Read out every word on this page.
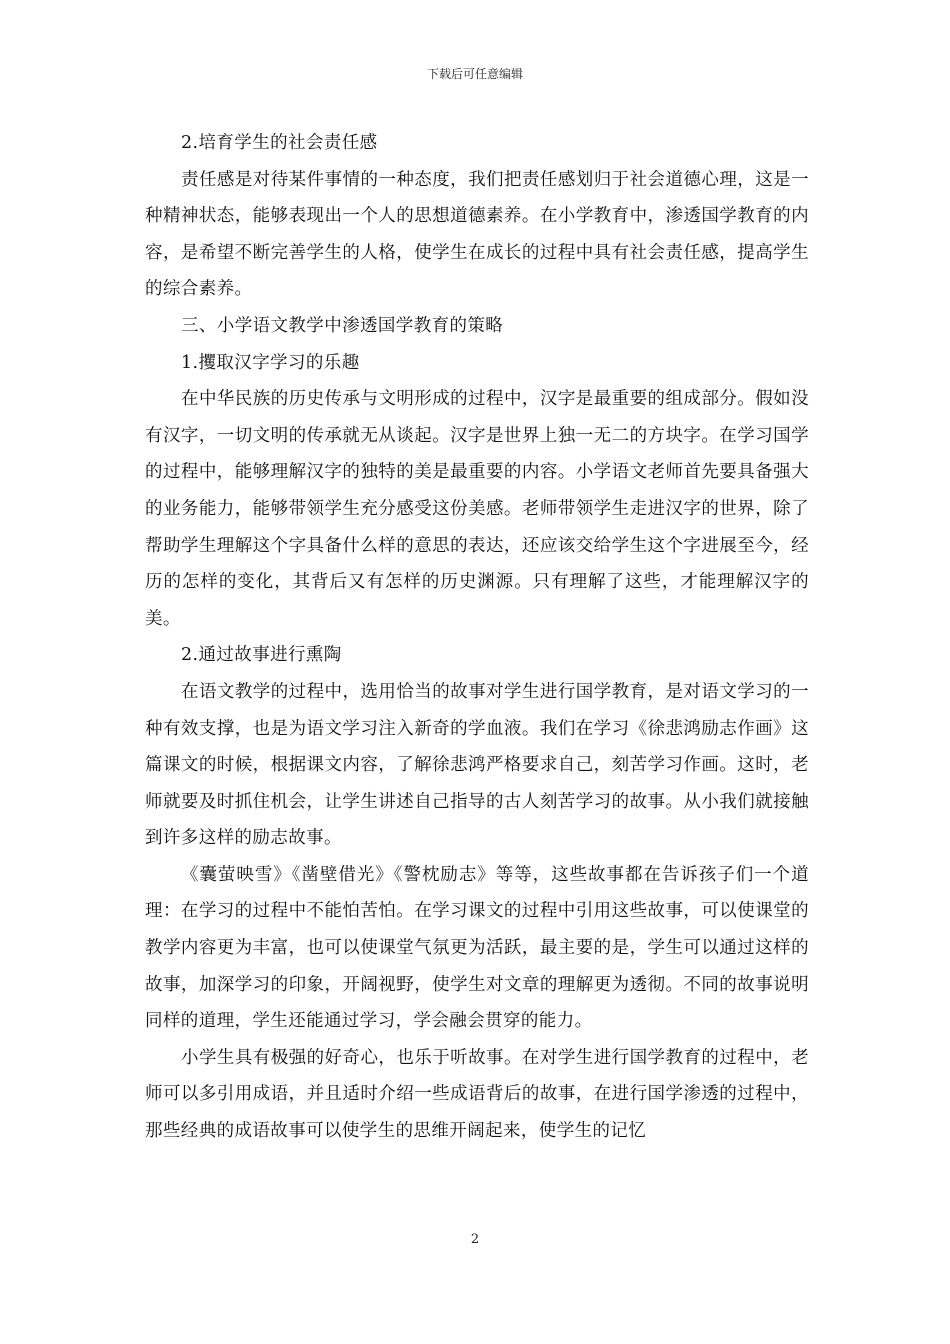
下载后可任意编辑

2.培育学生的社会责任感

责任感是对待某件事情的一种态度，我们把责任感划归于社会道德心理，这是一种精神状态，能够表现出一个人的思想道德素养。在小学教育中，渗透国学教育的内容，是希望不断完善学生的人格，使学生在成长的过程中具有社会责任感，提高学生的综合素养。

三、小学语文教学中渗透国学教育的策略

1.攫取汉字学习的乐趣

在中华民族的历史传承与文明形成的过程中，汉字是最重要的组成部分。假如没有汉字，一切文明的传承就无从谈起。汉字是世界上独一无二的方块字。在学习国学的过程中，能够理解汉字的独特的美是最重要的内容。小学语文老师首先要具备强大的业务能力，能够带领学生充分感受这份美感。老师带领学生走进汉字的世界，除了帮助学生理解这个字具备什么样的意思的表达，还应该交给学生这个字进展至今，经历的怎样的变化，其背后又有怎样的历史渊源。只有理解了这些，才能理解汉字的美。

2.通过故事进行熏陶

在语文教学的过程中，选用恰当的故事对学生进行国学教育，是对语文学习的一种有效支撑，也是为语文学习注入新奇的学血液。我们在学习《徐悲鸿励志作画》这篇课文的时候，根据课文内容，了解徐悲鸿严格要求自己，刻苦学习作画。这时，老师就要及时抓住机会，让学生讲述自己指导的古人刻苦学习的故事。从小我们就接触到许多这样的励志故事。

《囊萤映雪》《凿壁借光》《警枕励志》等等，这些故事都在告诉孩子们一个道理：在学习的过程中不能怕苦怕。在学习课文的过程中引用这些故事，可以使课堂的教学内容更为丰富，也可以使课堂气氛更为活跃，最主要的是，学生可以通过这样的故事，加深学习的印象，开阔视野，使学生对文章的理解更为透彻。不同的故事说明同样的道理，学生还能通过学习，学会融会贯穿的能力。

小学生具有极强的好奇心，也乐于听故事。在对学生进行国学教育的过程中，老师可以多引用成语，并且适时介绍一些成语背后的故事，在进行国学渗透的过程中，那些经典的成语故事可以使学生的思维开阔起来，使学生的记忆

2
